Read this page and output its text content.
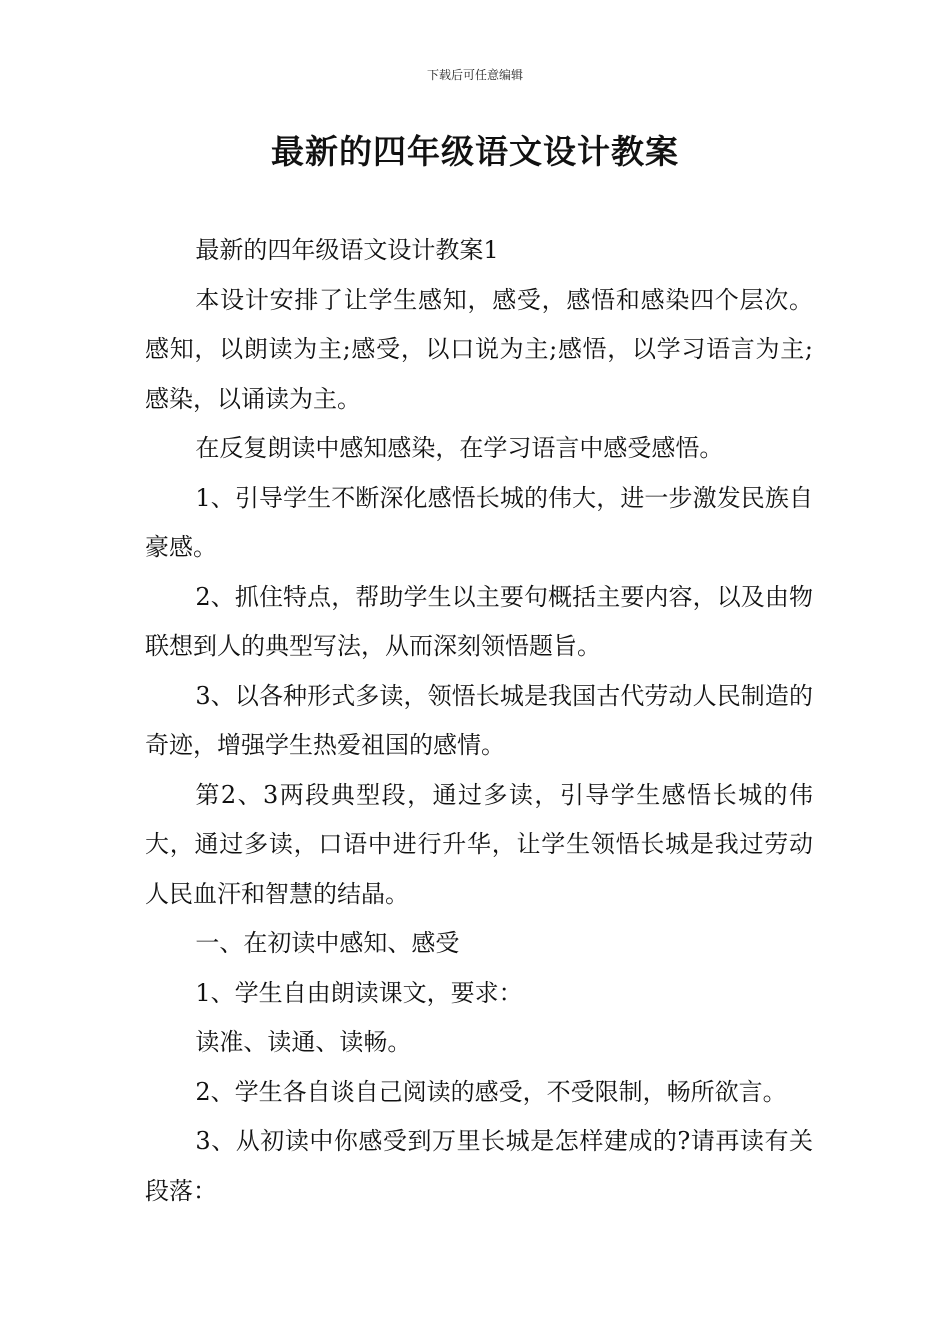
下载后可任意编辑
最新的四年级语文设计教案

最新的四年级语文设计教案1

本设计安排了让学生感知，感受，感悟和感染四个层次。感知，以朗读为主;感受，以口说为主;感悟，以学习语言为主;感染，以诵读为主。

在反复朗读中感知感染，在学习语言中感受感悟。

1、引导学生不断深化感悟长城的伟大，进一步激发民族自豪感。

2、抓住特点，帮助学生以主要句概括主要内容，以及由物联想到人的典型写法，从而深刻领悟题旨。

3、以各种形式多读，领悟长城是我国古代劳动人民制造的奇迹，增强学生热爱祖国的感情。

第2、3两段典型段，通过多读，引导学生感悟长城的伟大，通过多读，口语中进行升华，让学生领悟长城是我过劳动人民血汗和智慧的结晶。

一、在初读中感知、感受

1、学生自由朗读课文，要求：

读准、读通、读畅。

2、学生各自谈自己阅读的感受，不受限制，畅所欲言。

3、从初读中你感受到万里长城是怎样建成的?请再读有关段落：
